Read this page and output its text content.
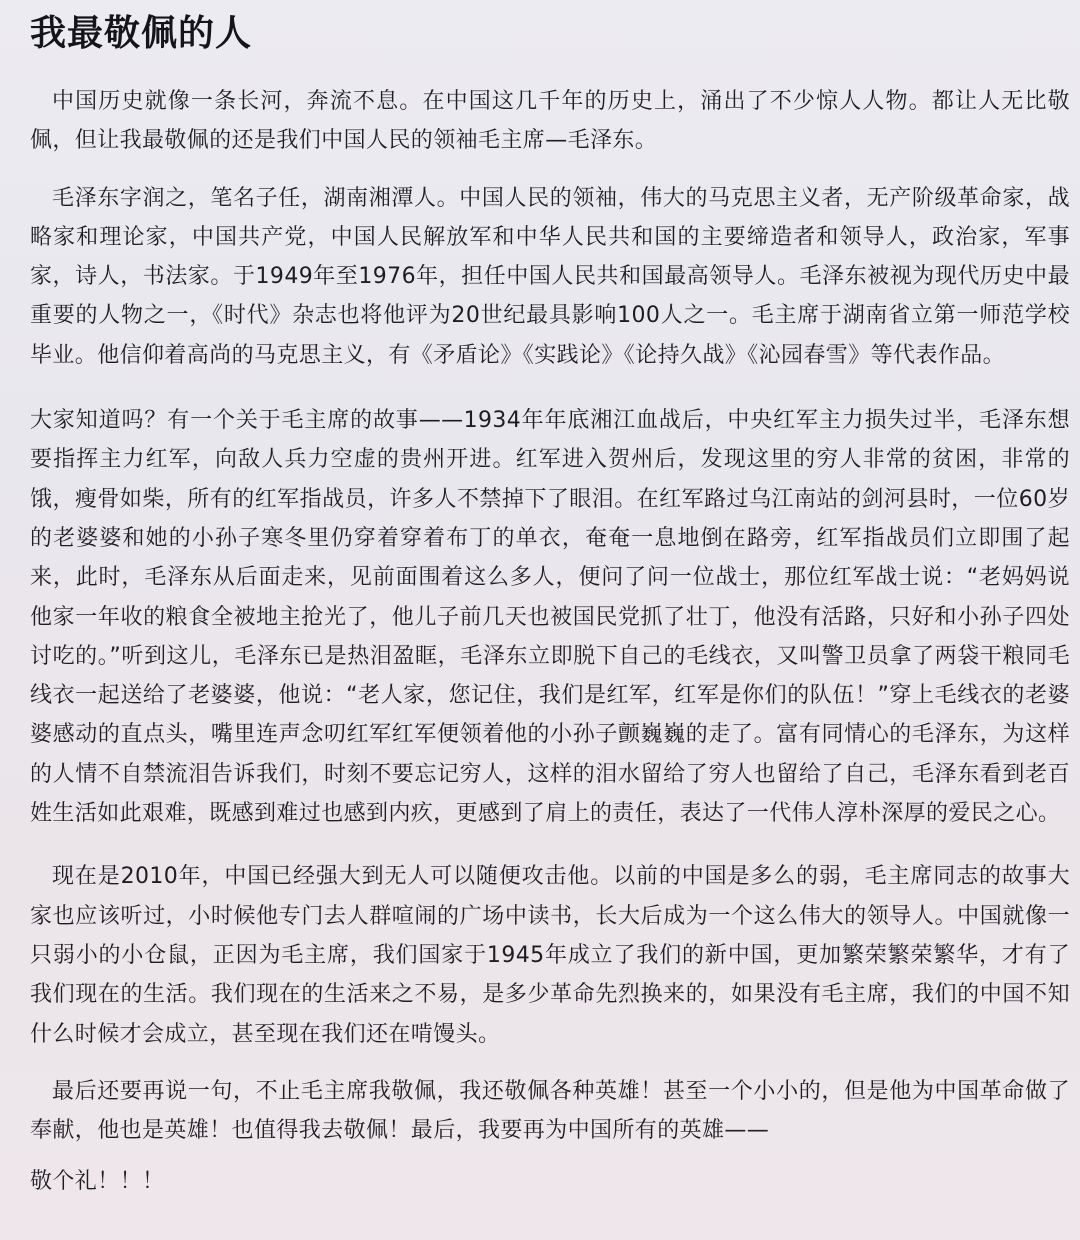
我最敬佩的人

中国历史就像一条长河，奔流不息。在中国这几千年的历史上，涌出了不少惊人人物。都让人无比敬佩，但让我最敬佩的还是我们中国人民的领袖毛主席—毛泽东。

毛泽东字润之，笔名子任，湖南湘潭人。中国人民的领袖，伟大的马克思主义者，无产阶级革命家，战略家和理论家，中国共产党，中国人民解放军和中华人民共和国的主要缔造者和领导人，政治家，军事家，诗人，书法家。于1949年至1976年，担任中国人民共和国最高领导人。毛泽东被视为现代历史中最重要的人物之一，《时代》杂志也将他评为20世纪最具影响100人之一。毛主席于湖南省立第一师范学校毕业。他信仰着高尚的马克思主义，有《矛盾论》《实践论》《论持久战》《沁园春雪》等代表作品。

大家知道吗？有一个关于毛主席的故事——1934年年底湘江血战后，中央红军主力损失过半，毛泽东想要指挥主力红军，向敌人兵力空虚的贵州开进。红军进入贺州后，发现这里的穷人非常的贫困，非常的饿，瘦骨如柴，所有的红军指战员，许多人不禁掉下了眼泪。在红军路过乌江南站的剑河县时，一位60岁的老婆婆和她的小孙子寒冬里仍穿着穿着布丁的单衣，奄奄一息地倒在路旁，红军指战员们立即围了起来，此时，毛泽东从后面走来，见前面围着这么多人，便问了问一位战士，那位红军战士说：“老妈妈说他家一年收的粮食全被地主抢光了，他儿子前几天也被国民党抓了壮丁，他没有活路，只好和小孙子四处讨吃的。”听到这儿，毛泽东已是热泪盈眶，毛泽东立即脱下自己的毛线衣，又叫警卫员拿了两袋干粮同毛线衣一起送给了老婆婆，他说：“老人家，您记住，我们是红军，红军是你们的队伍！”穿上毛线衣的老婆婆感动的直点头，嘴里连声念叨红军红军便领着他的小孙子颤巍巍的走了。富有同情心的毛泽东，为这样的人情不自禁流泪告诉我们，时刻不要忘记穷人，这样的泪水留给了穷人也留给了自己，毛泽东看到老百姓生活如此艰难，既感到难过也感到内疚，更感到了肩上的责任，表达了一代伟人淳朴深厚的爱民之心。

现在是2010年，中国已经强大到无人可以随便攻击他。以前的中国是多么的弱，毛主席同志的故事大家也应该听过，小时候他专门去人群喧闹的广场中读书，长大后成为一个这么伟大的领导人。中国就像一只弱小的小仓鼠，正因为毛主席，我们国家于1945年成立了我们的新中国，更加繁荣繁荣繁华，才有了我们现在的生活。我们现在的生活来之不易，是多少革命先烈换来的，如果没有毛主席，我们的中国不知什么时候才会成立，甚至现在我们还在啃馒头。

最后还要再说一句，不止毛主席我敬佩，我还敬佩各种英雄！甚至一个小小的，但是他为中国革命做了奉献，他也是英雄！也值得我去敬佩！最后，我要再为中国所有的英雄——

敬个礼！！！
